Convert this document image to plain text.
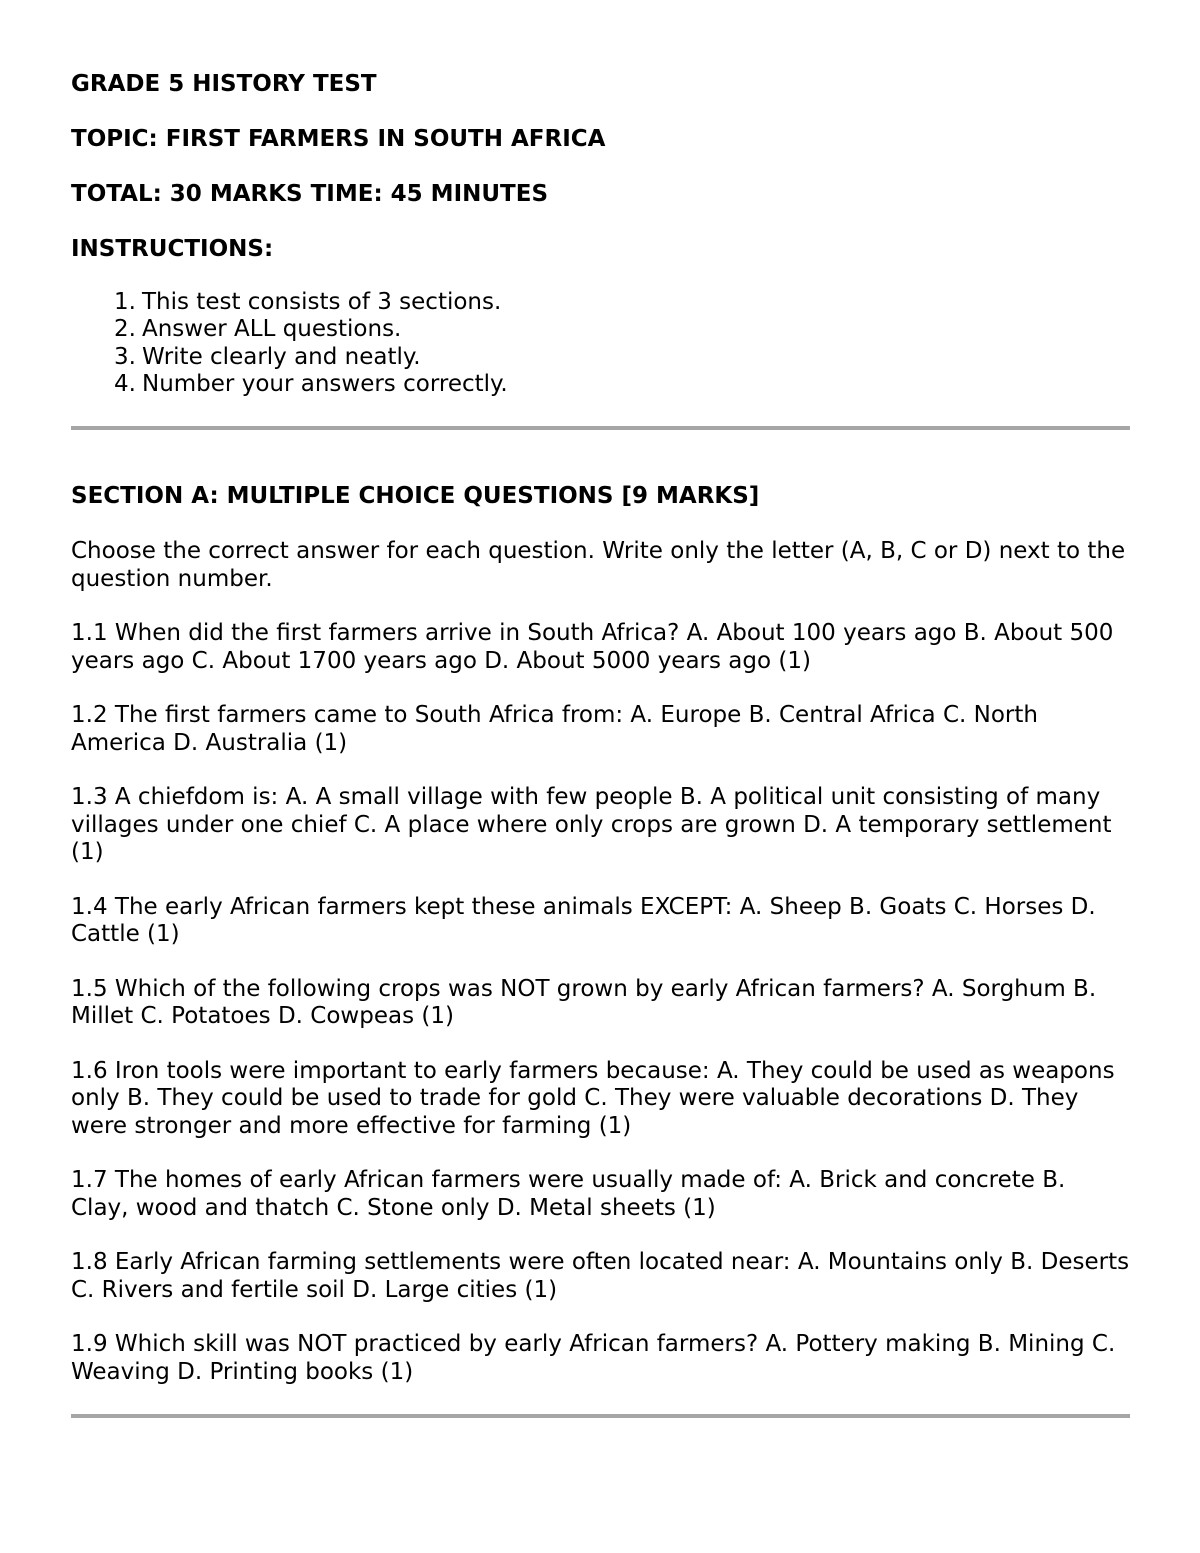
GRADE 5 HISTORY TEST

TOPIC: FIRST FARMERS IN SOUTH AFRICA

TOTAL: 30 MARKS TIME: 45 MINUTES

INSTRUCTIONS:

1. This test consists of 3 sections.
2. Answer ALL questions.
3. Write clearly and neatly.
4. Number your answers correctly.

SECTION A: MULTIPLE CHOICE QUESTIONS [9 MARKS]

Choose the correct answer for each question. Write only the letter (A, B, C or D) next to the question number.

1.1 When did the first farmers arrive in South Africa? A. About 100 years ago B. About 500 years ago C. About 1700 years ago D. About 5000 years ago (1)

1.2 The first farmers came to South Africa from: A. Europe B. Central Africa C. North America D. Australia (1)

1.3 A chiefdom is: A. A small village with few people B. A political unit consisting of many villages under one chief C. A place where only crops are grown D. A temporary settlement (1)

1.4 The early African farmers kept these animals EXCEPT: A. Sheep B. Goats C. Horses D. Cattle (1)

1.5 Which of the following crops was NOT grown by early African farmers? A. Sorghum B. Millet C. Potatoes D. Cowpeas (1)

1.6 Iron tools were important to early farmers because: A. They could be used as weapons only B. They could be used to trade for gold C. They were valuable decorations D. They were stronger and more effective for farming (1)

1.7 The homes of early African farmers were usually made of: A. Brick and concrete B. Clay, wood and thatch C. Stone only D. Metal sheets (1)

1.8 Early African farming settlements were often located near: A. Mountains only B. Deserts C. Rivers and fertile soil D. Large cities (1)

1.9 Which skill was NOT practiced by early African farmers? A. Pottery making B. Mining C. Weaving D. Printing books (1)
